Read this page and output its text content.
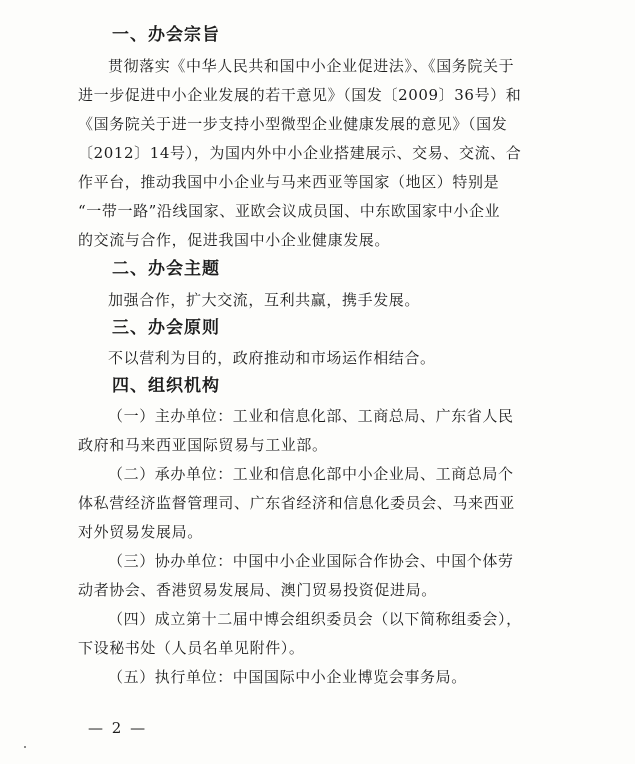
一、办会宗旨
贯彻落实《中华人民共和国中小企业促进法》、《国务院关于
进一步促进中小企业发展的若干意见》（国发〔2009〕36号）和
《国务院关于进一步支持小型微型企业健康发展的意见》（国发
〔2012〕14号），为国内外中小企业搭建展示、交易、交流、合
作平台，推动我国中小企业与马来西亚等国家（地区）特别是
“一带一路”沿线国家、亚欧会议成员国、中东欧国家中小企业
的交流与合作，促进我国中小企业健康发展。
二、办会主题
加强合作，扩大交流，互利共赢，携手发展。
三、办会原则
不以营利为目的，政府推动和市场运作相结合。
四、组织机构
（一）主办单位：工业和信息化部、工商总局、广东省人民
政府和马来西亚国际贸易与工业部。
（二）承办单位：工业和信息化部中小企业局、工商总局个
体私营经济监督管理司、广东省经济和信息化委员会、马来西亚
对外贸易发展局。
（三）协办单位：中国中小企业国际合作协会、中国个体劳
动者协会、香港贸易发展局、澳门贸易投资促进局。
（四）成立第十二届中博会组织委员会（以下简称组委会），
下设秘书处（人员名单见附件）。
（五）执行单位：中国国际中小企业博览会事务局。
— 2 —
